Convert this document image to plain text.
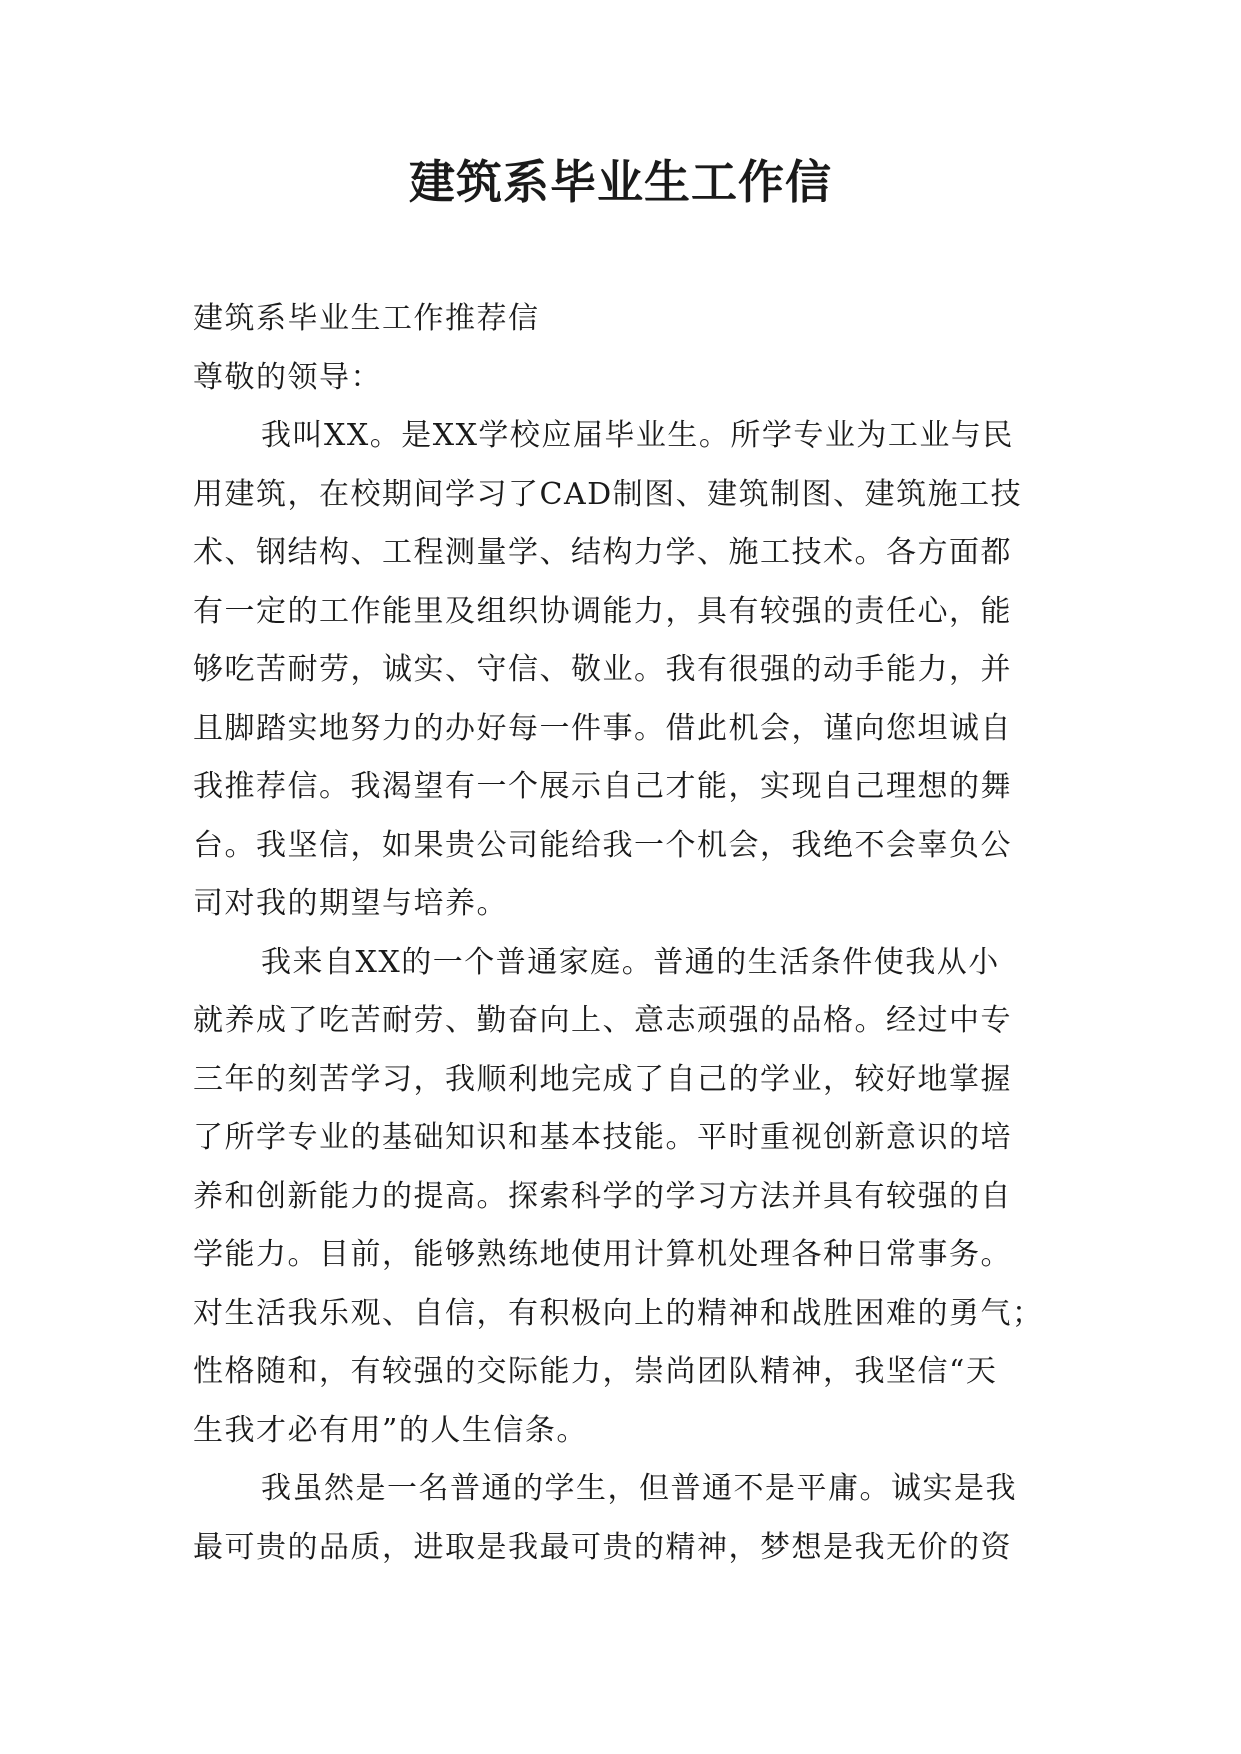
建筑系毕业生工作信
建筑系毕业生工作推荐信
尊敬的领导：
我叫XX。是XX学校应届毕业生。所学专业为工业与民
用建筑，在校期间学习了CAD制图、建筑制图、建筑施工技
术、钢结构、工程测量学、结构力学、施工技术。各方面都
有一定的工作能里及组织协调能力，具有较强的责任心，能
够吃苦耐劳，诚实、守信、敬业。我有很强的动手能力，并
且脚踏实地努力的办好每一件事。借此机会，谨向您坦诚自
我推荐信。我渴望有一个展示自己才能，实现自己理想的舞
台。我坚信，如果贵公司能给我一个机会，我绝不会辜负公
司对我的期望与培养。
我来自XX的一个普通家庭。普通的生活条件使我从小
就养成了吃苦耐劳、勤奋向上、意志顽强的品格。经过中专
三年的刻苦学习，我顺利地完成了自己的学业，较好地掌握
了所学专业的基础知识和基本技能。平时重视创新意识的培
养和创新能力的提高。探索科学的学习方法并具有较强的自
学能力。目前，能够熟练地使用计算机处理各种日常事务。
对生活我乐观、自信，有积极向上的精神和战胜困难的勇气；
性格随和，有较强的交际能力，崇尚团队精神，我坚信“天
生我才必有用”的人生信条。
我虽然是一名普通的学生，但普通不是平庸。诚实是我
最可贵的品质，进取是我最可贵的精神，梦想是我无价的资
